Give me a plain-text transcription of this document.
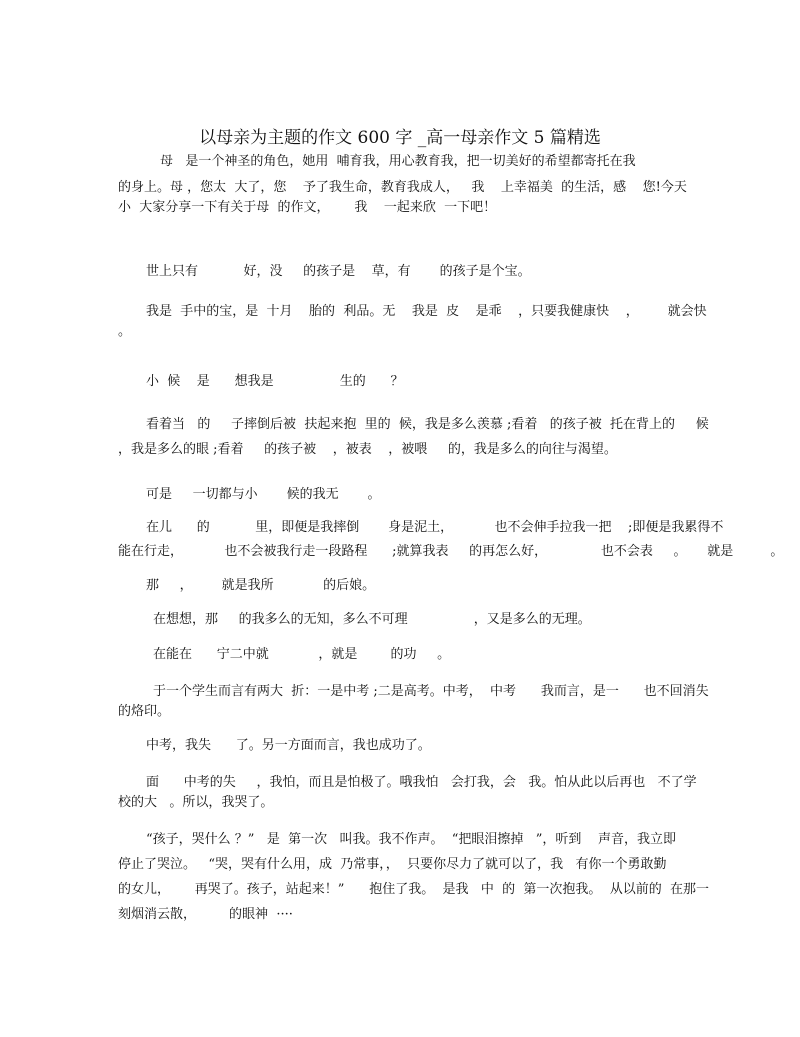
以母亲为主题的作文 600 字 _高一母亲作文 5 篇精选
母   是一个神圣的角色，她用  哺育我，用心教育我，把一切美好的希望都寄托在我
的身上。母 ，您太  大了，您    予了我生命，教育我成人，   我    上幸福美  的生活，感    您!今天
小  大家分享一下有关于母  的作文，      我    一起来欣  一下吧！
世上只有           好，没     的孩子是    草，有       的孩子是个宝。
我是  手中的宝，是  十月    胎的  利品。无    我是  皮    是乖    ，只要我健康快    ，       就会快
。
小  候    是      想我是                生的      ？
看着当   的     子摔倒后被  扶起来抱  里的  候，我是多么羡慕 ;看着   的孩子被  托在背上的     候
，我是多么的眼 ;看着     的孩子被    ，被表    ，被喂     的，我是多么的向往与渴望。
可是     一切都与小       候的我无       。
在儿      的           里，即便是我摔倒       身是泥土，          也不会伸手拉我一把    ;即便是我累得不
能在行走，          也不会被我行走一段路程      ;就算我表     的再怎么好，             也不会表     。     就是         。
那     ，       就是我所            的后娘。
在想想，那     的我多么的无知，多么不可理                ，又是多么的无理。
在能在      宁二中就            ，就是        的功     。
于一个学生而言有两大  折：一是中考 ;二是高考。中考，  中考      我而言，是一      也不回消失
的烙印。
中考，我失      了。另一方面而言，我也成功了。
面      中考的失     ，我怕，而且是怕极了。哦我怕   会打我，会   我。怕从此以后再也   不了学
校的大   。所以，我哭了。
“孩子，哭什么 ？”   是  第一次   叫我。我不作声。  “把眼泪擦掉   ”，听到    声音，我立即
停止了哭泣。   “哭，哭有什么用，成  乃常事，，  只要你尽力了就可以了，我   有你一个勇敢勤
的女儿，      再哭了。孩子，站起来！”      抱住了我。  是我   中  的  第一次抱我。  从以前的  在那一
刻烟消云散，        的眼神  ····
